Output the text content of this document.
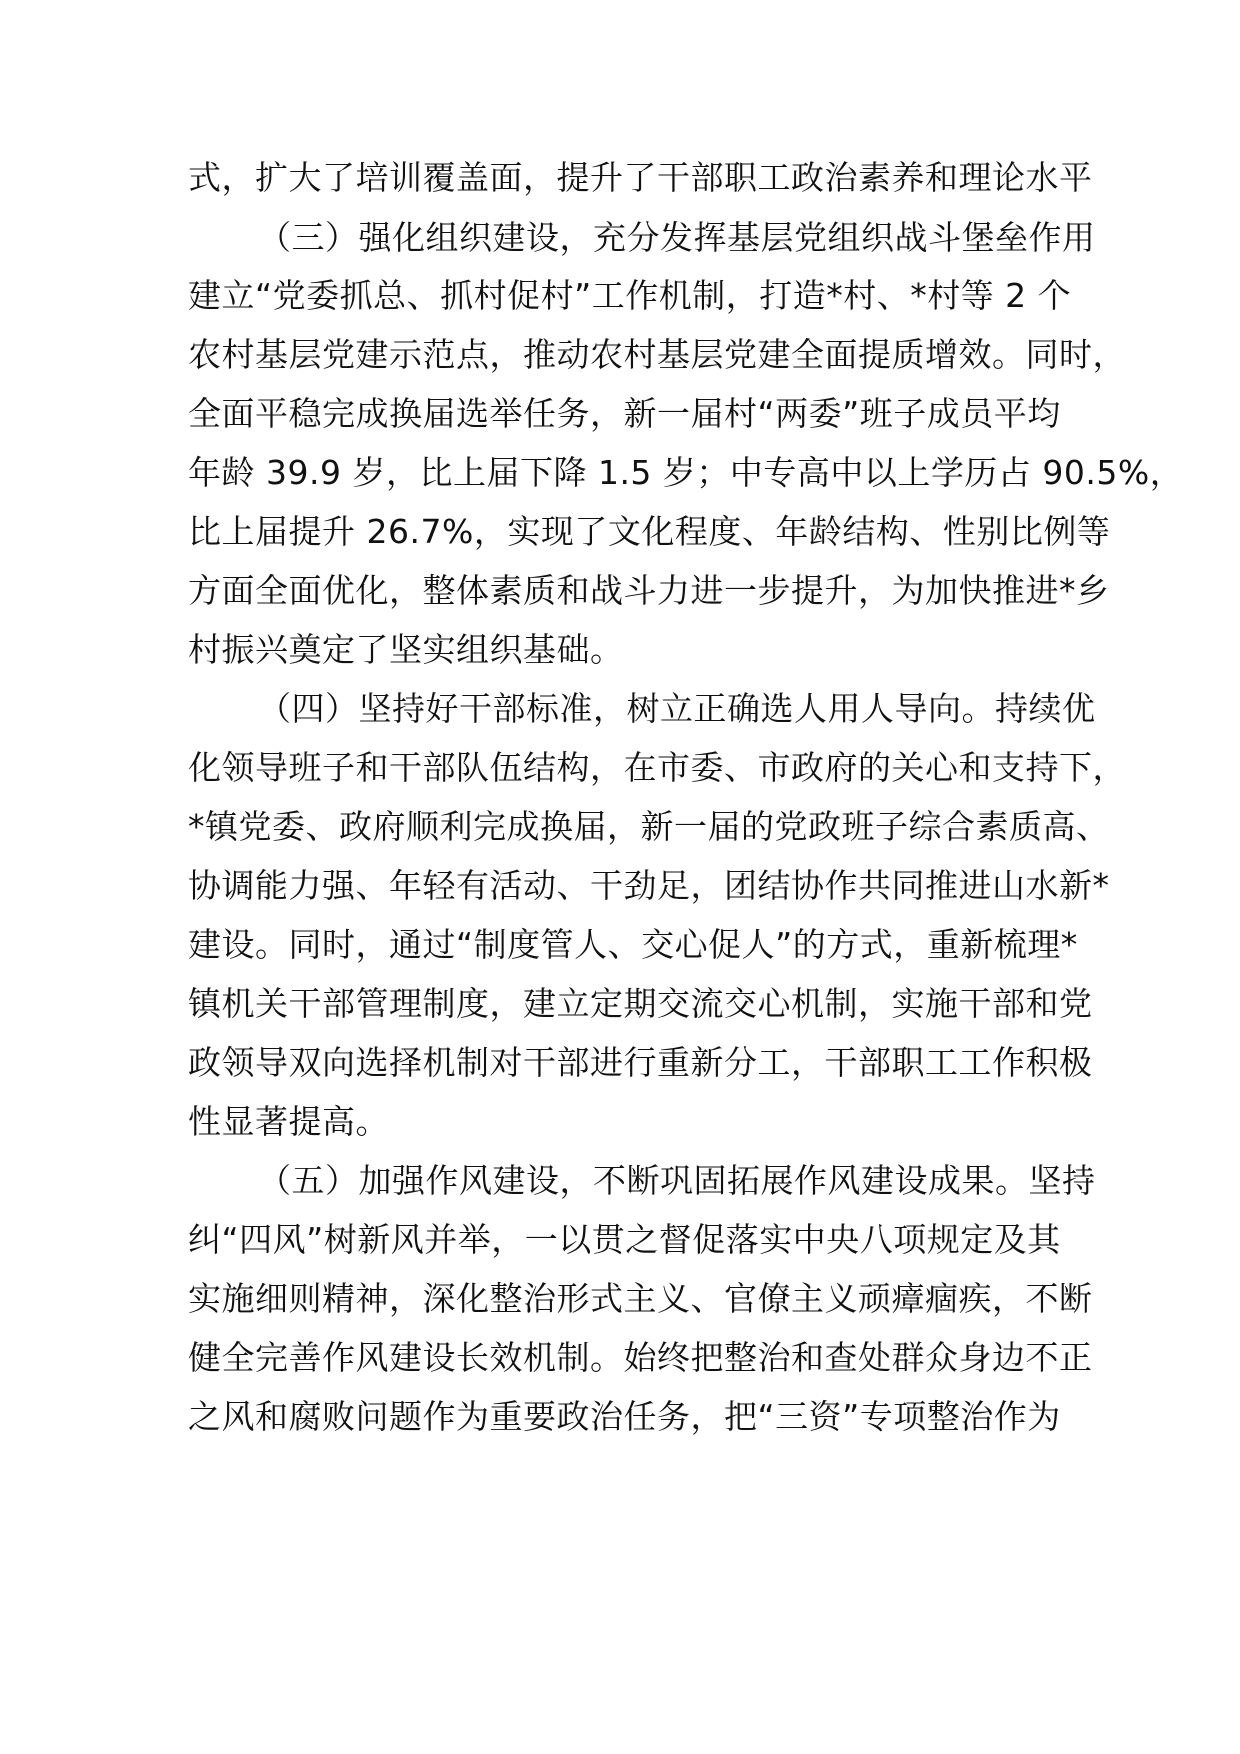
式，扩大了培训覆盖面，提升了干部职工政治素养和理论水平
（三）强化组织建设，充分发挥基层党组织战斗堡垒作用
建立“党委抓总、抓村促村”工作机制，打造*村、*村等 2 个
农村基层党建示范点，推动农村基层党建全面提质增效。同时，
全面平稳完成换届选举任务，新一届村“两委”班子成员平均
年龄 39.9 岁，比上届下降 1.5 岁；中专高中以上学历占 90.5%，
比上届提升 26.7%，实现了文化程度、年龄结构、性别比例等
方面全面优化，整体素质和战斗力进一步提升，为加快推进*乡
村振兴奠定了坚实组织基础。
（四）坚持好干部标准，树立正确选人用人导向。持续优
化领导班子和干部队伍结构，在市委、市政府的关心和支持下，
*镇党委、政府顺利完成换届，新一届的党政班子综合素质高、
协调能力强、年轻有活动、干劲足，团结协作共同推进山水新*
建设。同时，通过“制度管人、交心促人”的方式，重新梳理*
镇机关干部管理制度，建立定期交流交心机制，实施干部和党
政领导双向选择机制对干部进行重新分工，干部职工工作积极
性显著提高。
（五）加强作风建设，不断巩固拓展作风建设成果。坚持
纠“四风”树新风并举，一以贯之督促落实中央八项规定及其
实施细则精神，深化整治形式主义、官僚主义顽瘴痼疾，不断
健全完善作风建设长效机制。始终把整治和查处群众身边不正
之风和腐败问题作为重要政治任务，把“三资”专项整治作为
